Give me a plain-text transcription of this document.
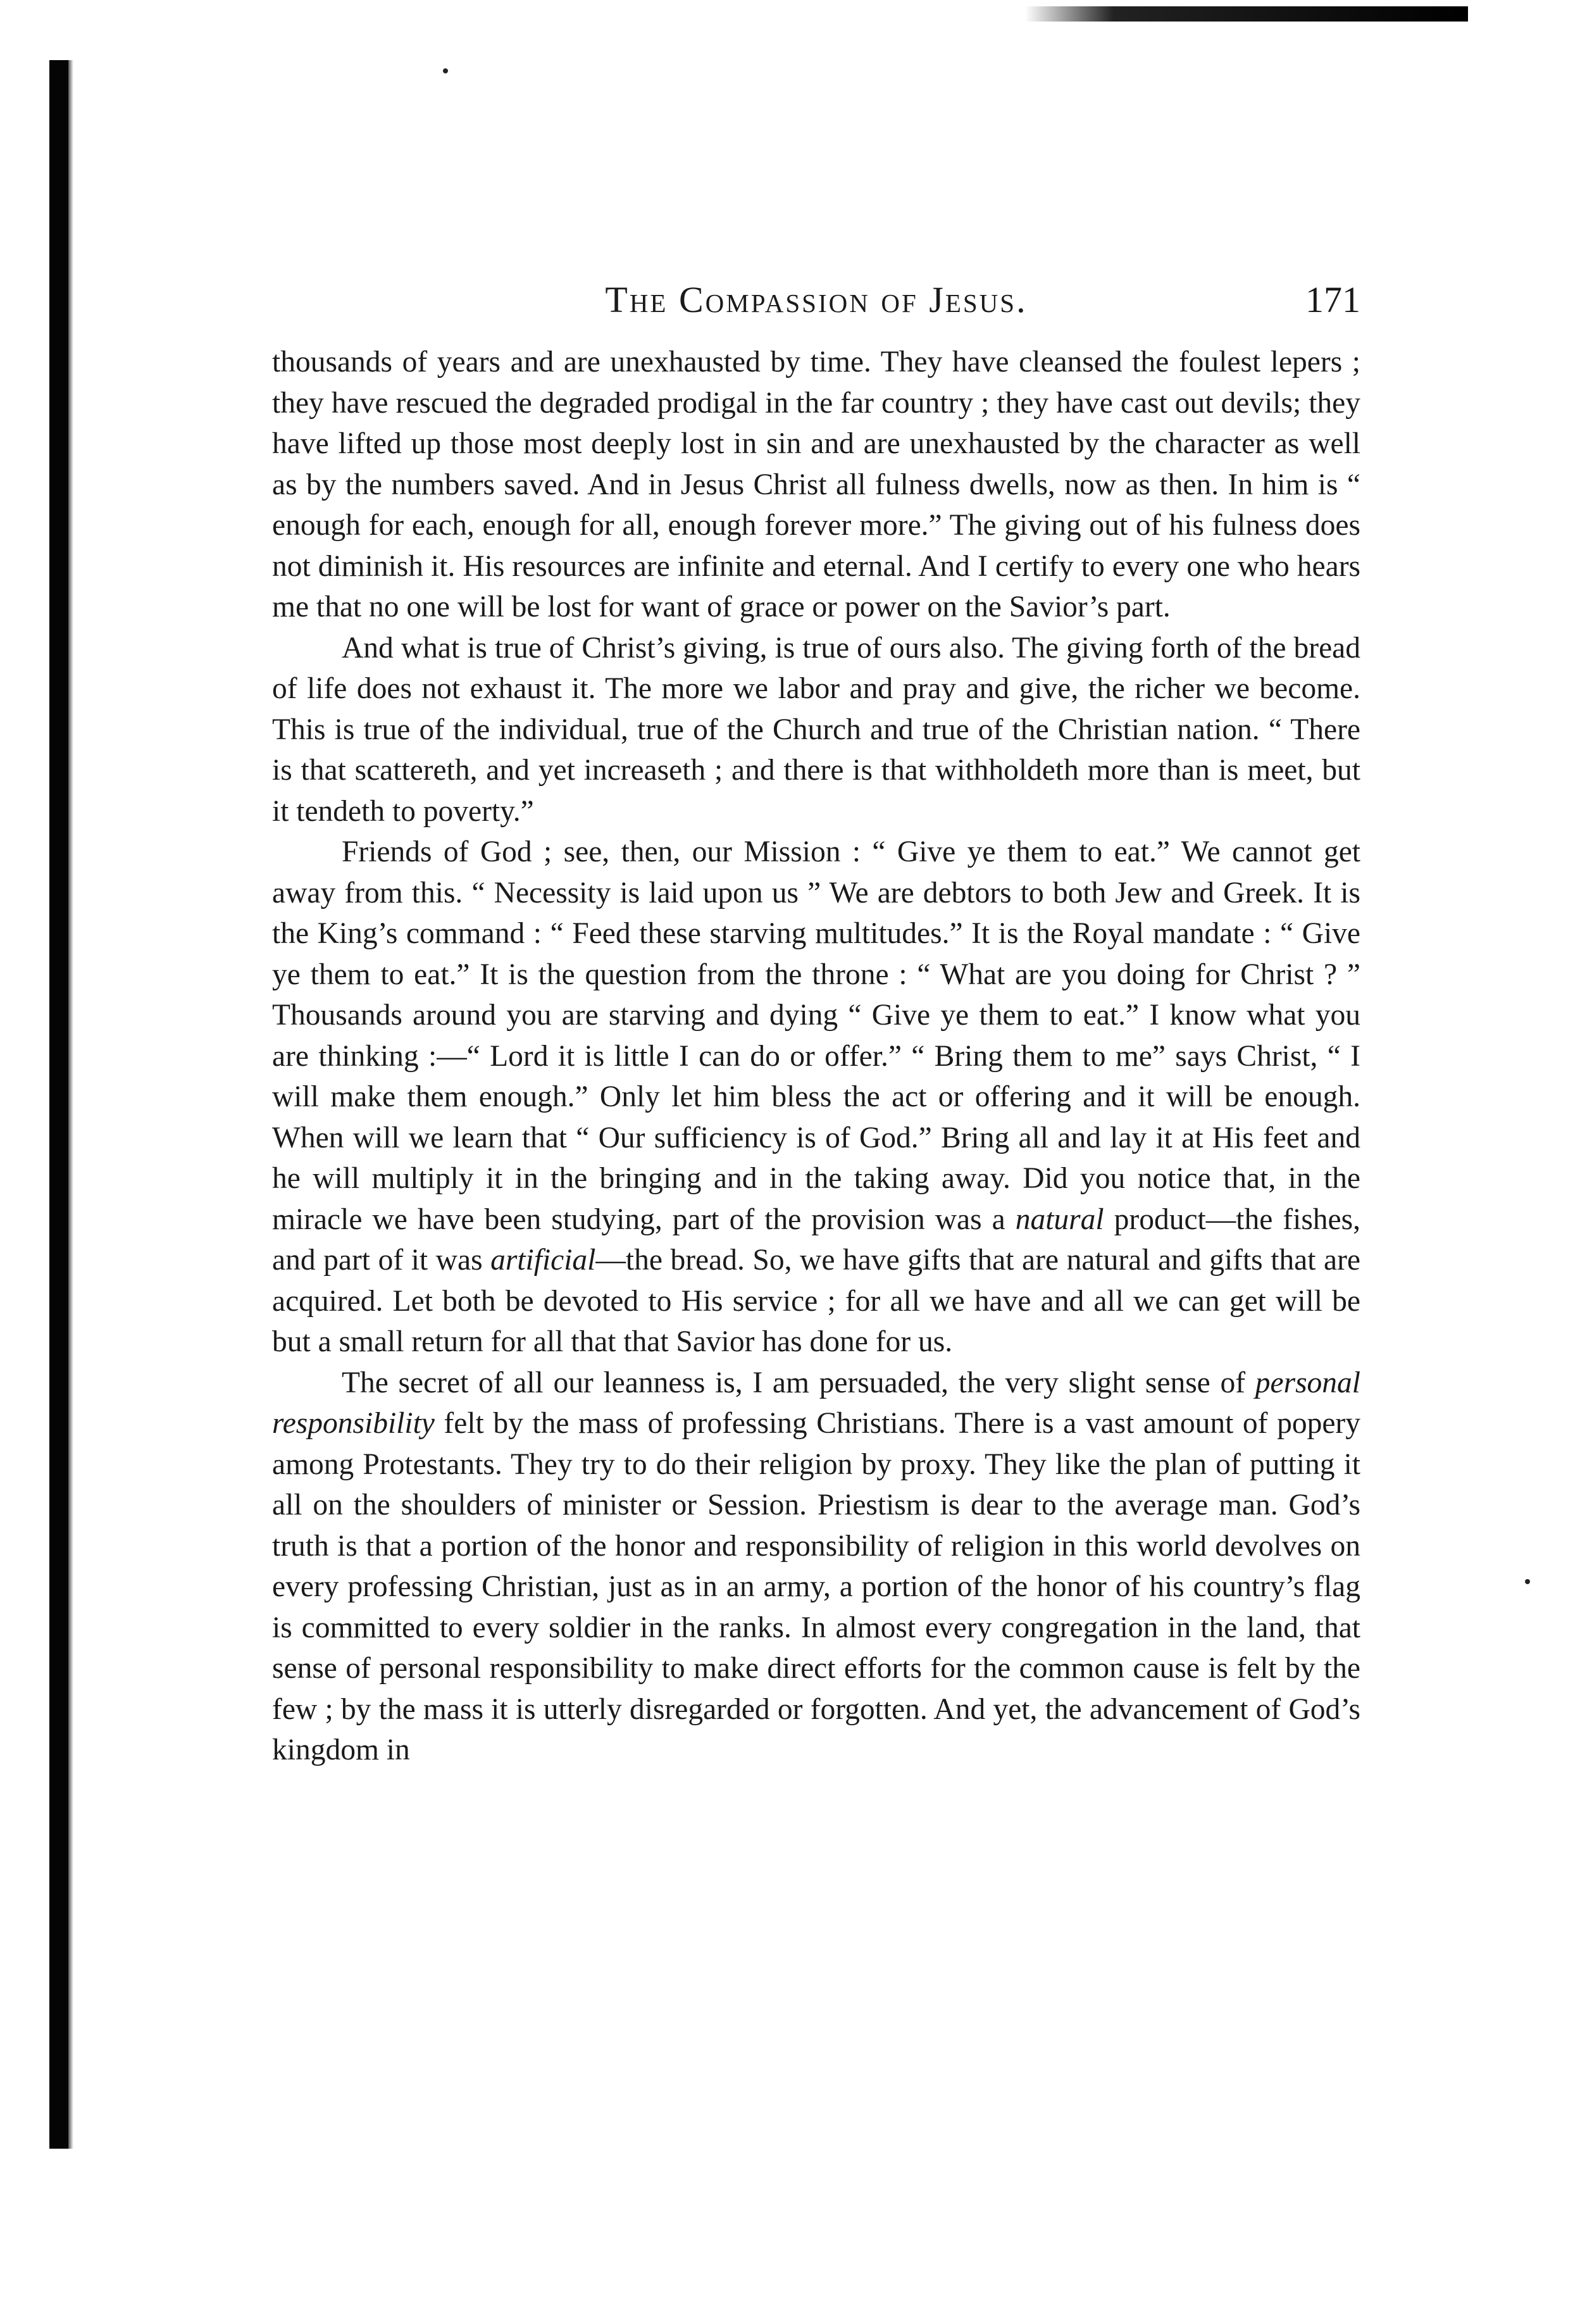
The Compassion of Jesus.	171

thousands of years and are unexhausted by time. They have cleansed the foulest lepers ; they have rescued the degraded prodigal in the far country ; they have cast out devils; they have lifted up those most deeply lost in sin and are unexhausted by the character as well as by the numbers saved. And in Jesus Christ all fulness dwells, now as then. In him is “ enough for each, enough for all, enough forever more.” The giving out of his fulness does not diminish it. His resources are infinite and eternal. And I certify to every one who hears me that no one will be lost for want of grace or power on the Savior’s part.

And what is true of Christ’s giving, is true of ours also. The giving forth of the bread of life does not exhaust it. The more we labor and pray and give, the richer we become. This is true of the individual, true of the Church and true of the Christian nation. “ There is that scattereth, and yet increaseth ; and there is that withholdeth more than is meet, but it tendeth to poverty.”

Friends of God ; see, then, our Mission : “ Give ye them to eat.” We cannot get away from this. “ Necessity is laid upon us ” We are debtors to both Jew and Greek. It is the King’s command : “ Feed these starving multitudes.” It is the Royal mandate : “ Give ye them to eat.” It is the question from the throne : “ What are you doing for Christ ? ” Thousands around you are starving and dying “ Give ye them to eat.” I know what you are thinking :—“ Lord it is little I can do or offer.” “ Bring them to me” says Christ, “ I will make them enough.” Only let him bless the act or offering and it will be enough. When will we learn that “ Our sufficiency is of God.” Bring all and lay it at His feet and he will multiply it in the bringing and in the taking away. Did you notice that, in the miracle we have been studying, part of the provision was a natural product—the fishes, and part of it was artificial—the bread. So, we have gifts that are natural and gifts that are acquired. Let both be devoted to His service ; for all we have and all we can get will be but a small return for all that that Savior has done for us.

The secret of all our leanness is, I am persuaded, the very slight sense of personal responsibility felt by the mass of professing Christians. There is a vast amount of popery among Protestants. They try to do their religion by proxy. They like the plan of putting it all on the shoulders of minister or Session. Priestism is dear to the average man. God’s truth is that a portion of the honor and responsibility of religion in this world devolves on every professing Christian, just as in an army, a portion of the honor of his country’s flag is committed to every soldier in the ranks. In almost every congregation in the land, that sense of personal responsibility to make direct efforts for the common cause is felt by the few ; by the mass it is utterly disregarded or forgotten. And yet, the advancement of God’s kingdom in
